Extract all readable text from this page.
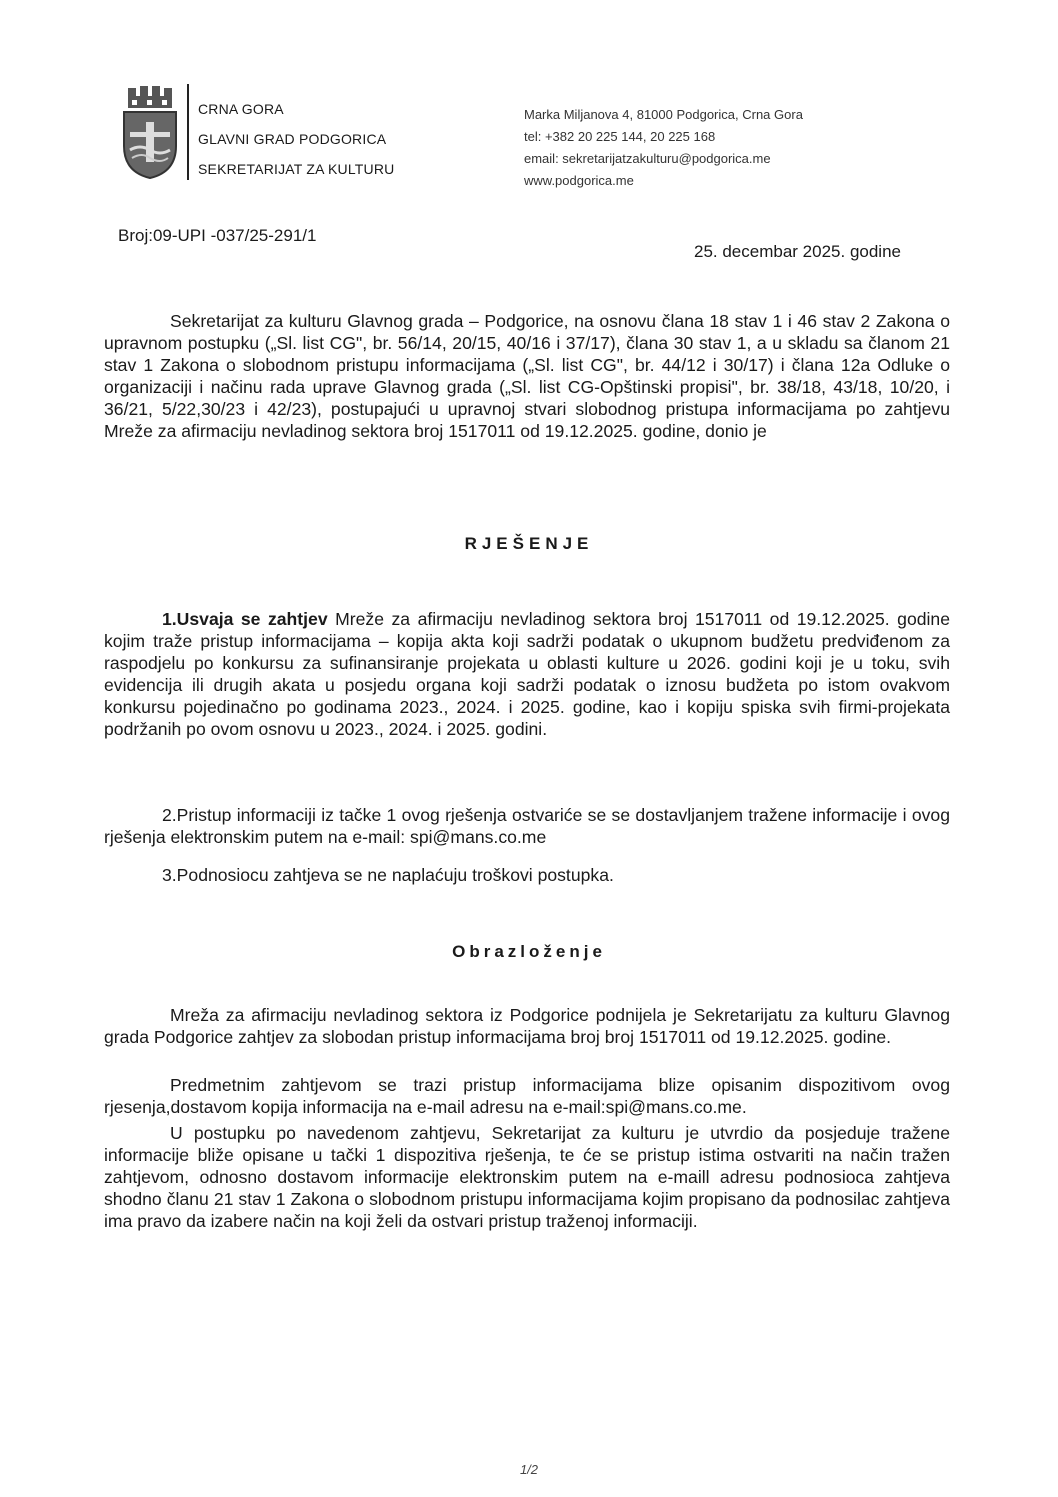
CRNA GORA
GLAVNI GRAD PODGORICA
SEKRETARIJAT ZA KULTURU
Marka Miljanova 4, 81000 Podgorica, Crna Gora
tel: +382 20 225 144, 20 225 168
email: sekretarijatzakulturu@podgorica.me
www.podgorica.me
Broj:09-UPI -037/25-291/1
25. decembar 2025. godine
Sekretarijat za kulturu Glavnog grada – Podgorice, na osnovu člana 18 stav 1 i 46 stav 2 Zakona o upravnom postupku („Sl. list CG", br. 56/14, 20/15, 40/16 i 37/17), člana 30 stav 1, a u skladu sa članom 21 stav 1 Zakona o slobodnom pristupu informacijama („Sl. list CG", br. 44/12 i 30/17) i člana 12a Odluke o organizaciji i načinu rada uprave Glavnog grada („Sl. list CG-Opštinski propisi", br. 38/18, 43/18, 10/20, i 36/21, 5/22,30/23 i 42/23), postupajući u upravnoj stvari slobodnog pristupa informacijama po zahtjevu Mreže za afirmaciju nevladinog sektora broj 1517011 od 19.12.2025. godine, donio je
RJEŠENJE
1.Usvaja se zahtjev Mreže za afirmaciju nevladinog sektora broj 1517011 od 19.12.2025. godine kojim traže pristup informacijama – kopija akta koji sadrži podatak o ukupnom budžetu predviđenom za raspodjelu po konkursu za sufinansiranje projekata u oblasti kulture u 2026. godini koji je u toku, svih evidencija ili drugih akata u posjedu organa koji sadrži podatak o iznosu budžeta po istom ovakvom konkursu pojedinačno po godinama 2023., 2024. i 2025. godine, kao i kopiju spiska svih firmi-projekata podržanih po ovom osnovu u 2023., 2024. i 2025. godini.
2.Pristup informaciji iz tačke 1 ovog rješenja ostvariće se se dostavljanjem tražene informacije i ovog rješenja elektronskim putem na e-mail: spi@mans.co.me
3.Podnosiocu zahtjeva se ne naplaćuju troškovi postupka.
Obrazloženje
Mreža za afirmaciju nevladinog sektora iz Podgorice podnijela je Sekretarijatu za kulturu Glavnog grada Podgorice zahtjev za slobodan pristup informacijama broj broj 1517011 od 19.12.2025. godine.
Predmetnim zahtjevom se trazi pristup informacijama blize opisanim dispozitivom ovog rjesenja,dostavom kopija informacija na e-mail adresu na e-mail:spi@mans.co.me.
U postupku po navedenom zahtjevu, Sekretarijat za kulturu je utvrdio da posjeduje tražene informacije bliže opisane u tački 1 dispozitiva rješenja, te će se pristup istima ostvariti na način tražen zahtjevom, odnosno dostavom informacije elektronskim putem na e-maill adresu podnosioca zahtjeva shodno članu 21 stav 1 Zakona o slobodnom pristupu informacijama kojim propisano da podnosilac zahtjeva ima pravo da izabere način na koji želi da ostvari pristup traženoj informaciji.
1/2
